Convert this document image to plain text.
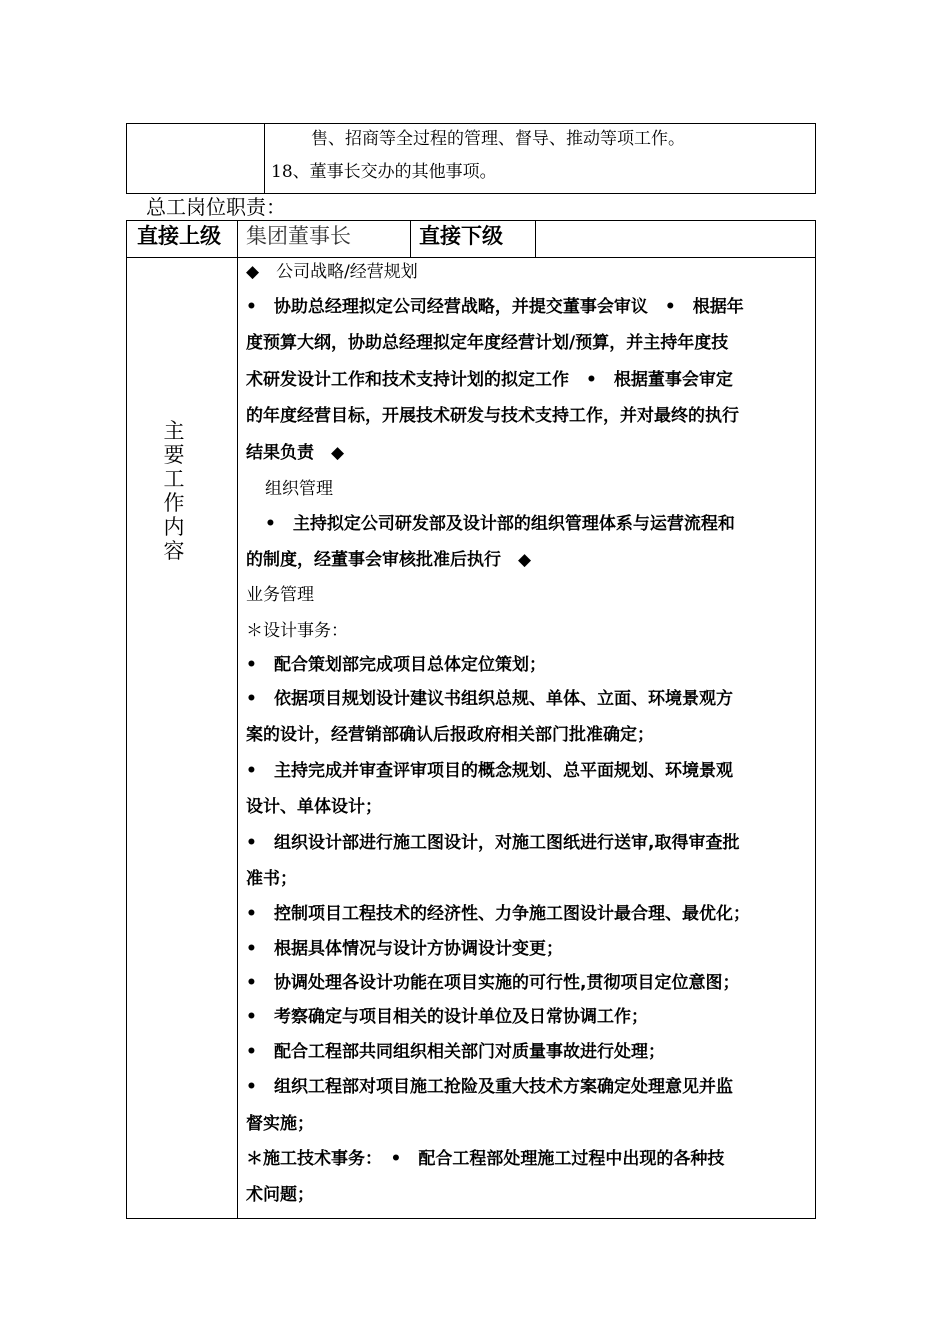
售、招商等全过程的管理、督导、推动等项工作。
18、董事长交办的其他事项。
总工岗位职责：
直接上级 集团董事长	直接下级
主
要
工
作
内
容
◆　公司战略/经营规划
•　协助总经理拟定公司经营战略，并提交董事会审议　•　根据年
度预算大纲，协助总经理拟定年度经营计划/预算，并主持年度技
术研发设计工作和技术支持计划的拟定工作　•　根据董事会审定
的年度经营目标，开展技术研发与技术支持工作，并对最终的执行
结果负责　◆
组织管理
•　主持拟定公司研发部及设计部的组织管理体系与运营流程和
的制度，经董事会审核批准后执行　◆
业务管理
＊设计事务：
• 配合策划部完成项目总体定位策划；
• 依据项目规划设计建议书组织总规、单体、立面、环境景观方
案的设计，经营销部确认后报政府相关部门批准确定；
• 主持完成并审查评审项目的概念规划、总平面规划、环境景观
设计、单体设计；
• 组织设计部进行施工图设计，对施工图纸进行送审,取得审查批
准书；
• 控制项目工程技术的经济性、力争施工图设计最合理、最优化；
• 根据具体情况与设计方协调设计变更；
• 协调处理各设计功能在项目实施的可行性,贯彻项目定位意图；
• 考察确定与项目相关的设计单位及日常协调工作；
• 配合工程部共同组织相关部门对质量事故进行处理；
• 组织工程部对项目施工抢险及重大技术方案确定处理意见并监
督实施；
＊施工技术事务：　•　配合工程部处理施工过程中出现的各种技
术问题；
